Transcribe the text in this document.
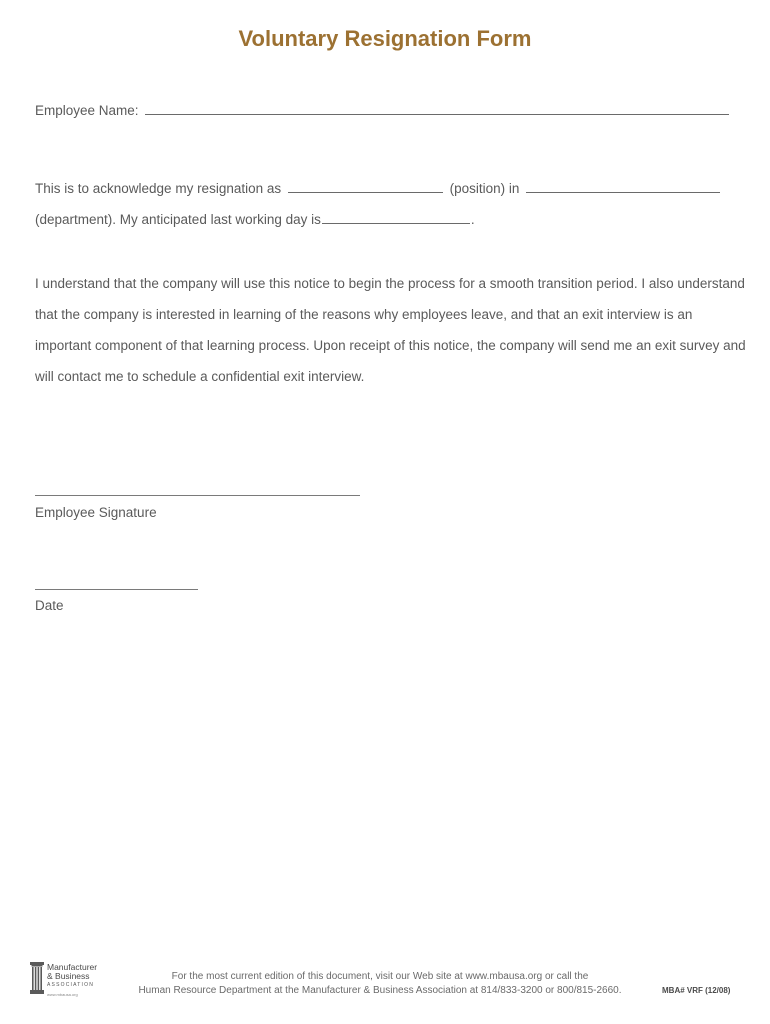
Voluntary Resignation Form
Employee Name:
This is to acknowledge my resignation as	(position) in
(department). My anticipated last working day is	.
I understand that the company will use this notice to begin the process for a smooth transition period. I also understand that the company is interested in learning of the reasons why employees leave, and that an exit interview is an important component of that learning process. Upon receipt of this notice, the company will send me an exit survey and will contact me to schedule a confidential exit interview.
Employee Signature
Date
Manufacturer
& Business
ASSOCIATION
www.mbausa.org
For the most current edition of this document, visit our Web site at www.mbausa.org or call the
Human Resource Department at the Manufacturer & Business Association at 814/833-3200 or 800/815-2660.	MBA# VRF (12/08)
